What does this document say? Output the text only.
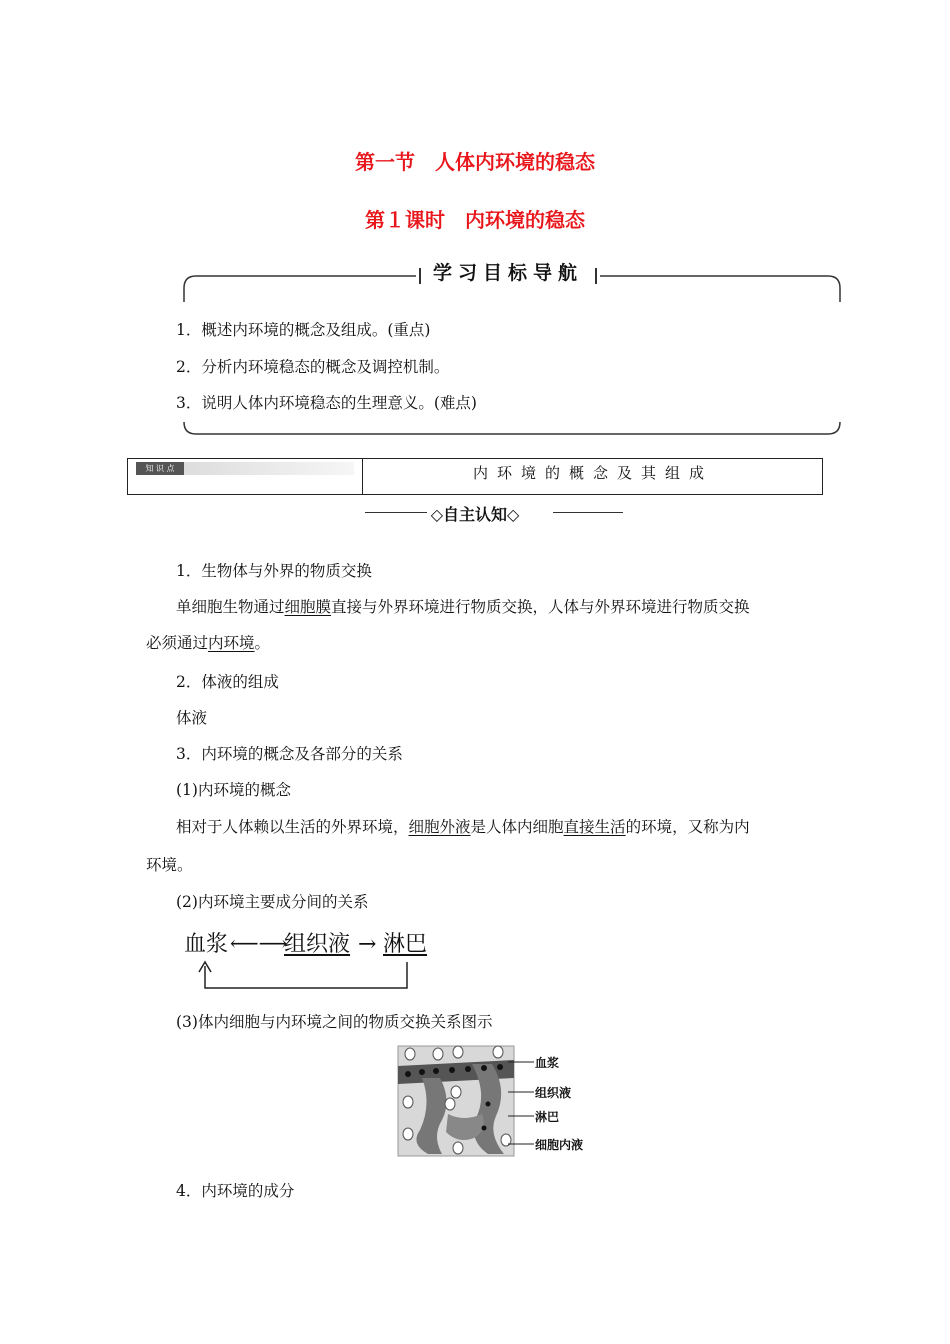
第一节　人体内环境的稳态
第１课时　内环境的稳态
学习目标导航
1．概述内环境的概念及组成。(重点)
2．分析内环境稳态的概念及调控机制。
3．说明人体内环境稳态的生理意义。(难点)
知 识 点	内环境的概念及其组成
◇自主认知◇
1．生物体与外界的物质交换
单细胞生物通过细胞膜直接与外界环境进行物质交换，人体与外界环境进行物质交换
必须通过内环境。
2．体液的组成
体液
3．内环境的概念及各部分的关系
(1)内环境的概念
相对于人体赖以生活的外界环境，细胞外液是人体内细胞直接生活的环境，又称为内
环境。
(2)内环境主要成分间的关系
血浆 ⟵⟶
组织液 → 淋巴
(3)体内细胞与内环境之间的物质交换关系图示
血浆
组织液
淋巴
细胞内液
4．内环境的成分
